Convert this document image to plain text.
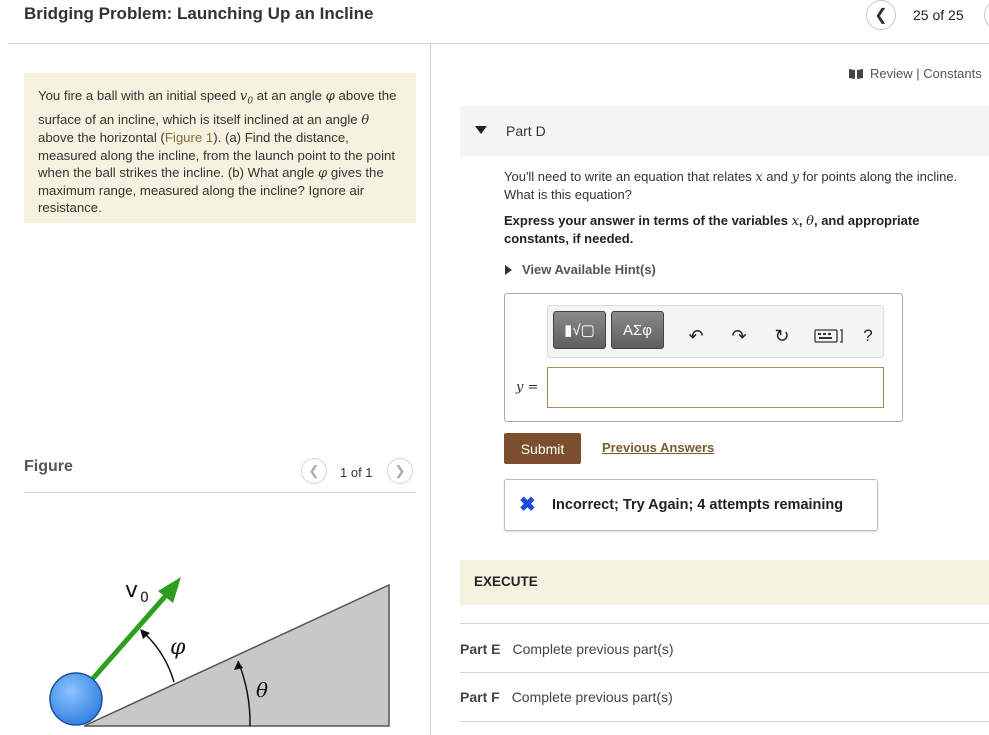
Bridging Problem: Launching Up an Incline	❮ 25 of 25
You fire a ball with an initial speed $v_0$ at an angle φ above the surface of an incline, which is itself inclined at an angle θ above the horizontal (Figure 1). (a) Find the distance, measured along the incline, from the launch point to the point when the ball strikes the incline. (b) What angle φ gives the maximum range, measured along the incline? Ignore air resistance.
Figure	❮ 1 of 1 ❯
v 0
φ
θ
Review | Constants
Part D
You'll need to write an equation that relates x and y for points along the incline. What is this equation?
Express your answer in terms of the variables x, θ, and appropriate constants, if needed.
View Available Hint(s)
▮√▢ ΑΣφ	↶	↷	↻	?
y =
Submit	Previous Answers
✖ Incorrect; Try Again; 4 attempts remaining
EXECUTE
Part E Complete previous part(s)
Part F Complete previous part(s)
